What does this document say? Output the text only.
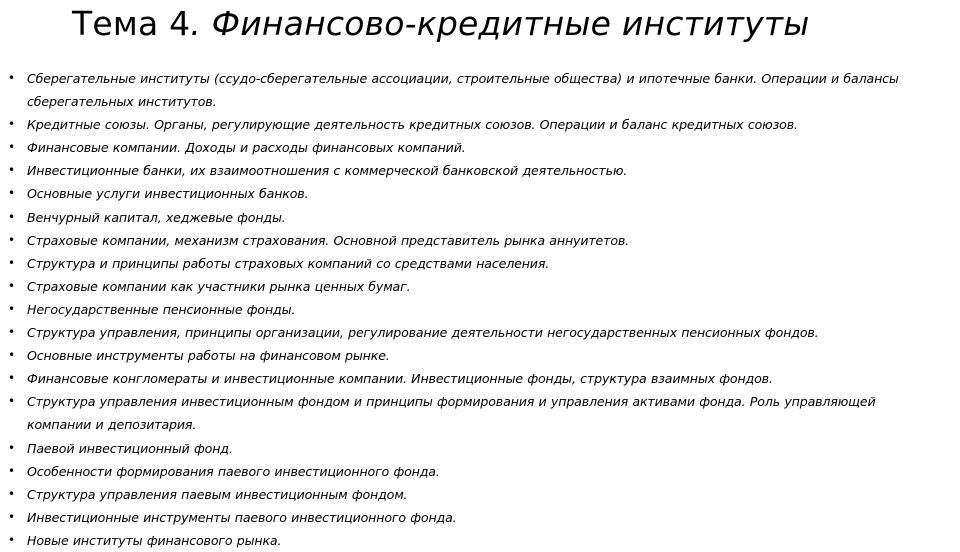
Тема 4. Финансово-кредитные институты
• Сберегательные институты (ссудо-сберегательные ассоциации, строительные общества) и ипотечные банки. Операции и балансы сберегательных институтов.
• Кредитные союзы. Органы, регулирующие деятельность кредитных союзов. Операции и баланс кредитных союзов.
• Финансовые компании. Доходы и расходы финансовых компаний.
• Инвестиционные банки, их взаимоотношения с коммерческой банковской деятельностью.
• Основные услуги инвестиционных банков.
• Венчурный капитал, хеджевые фонды.
• Страховые компании, механизм страхования. Основной представитель рынка аннуитетов.
• Структура и принципы работы страховых компаний со средствами населения.
• Страховые компании как участники рынка ценных бумаг.
• Негосударственные пенсионные фонды.
• Структура управления, принципы организации, регулирование деятельности негосударственных пенсионных фондов.
• Основные инструменты работы на финансовом рынке.
• Финансовые конгломераты и инвестиционные компании. Инвестиционные фонды, структура взаимных фондов.
• Структура управления инвестиционным фондом и принципы формирования и управления активами фонда. Роль управляющей компании и депозитария.
• Паевой инвестиционный фонд.
• Особенности формирования паевого инвестиционного фонда.
• Структура управления паевым инвестиционным фондом.
• Инвестиционные инструменты паевого инвестиционного фонда.
• Новые институты финансового рынка.
